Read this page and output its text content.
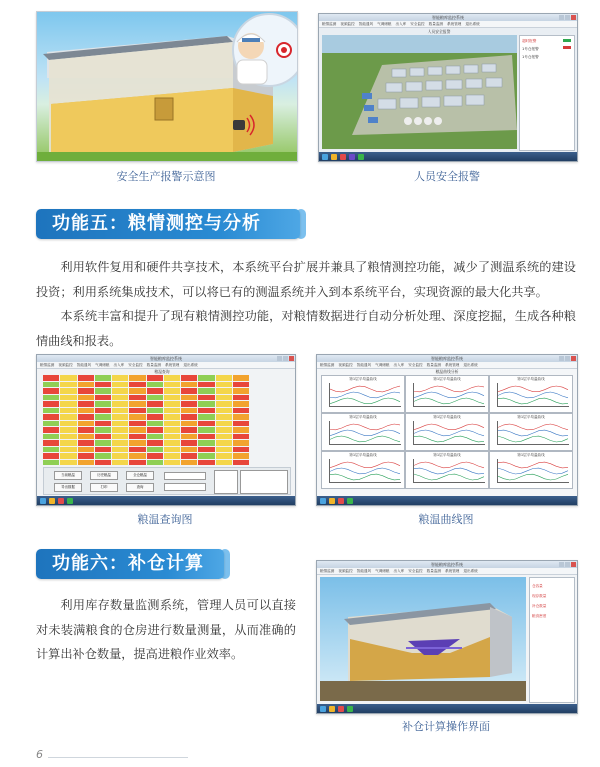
安全生产报警示意图
智能粮库监控系统
粮情监测 视频监控 智能通风 气调储粮 出入库 安全监控 数量监测 系统管理 退出系统
人员安全报警
超时报警
1号仓报警
1号仓报警
人员安全报警
功能五：粮情测控与分析
利用软件复用和硬件共享技术，本系统平台扩展并兼具了粮情测控功能，减少了测温系统的建设投资；利用系统集成技术，可以将已有的测温系统并入到本系统平台，实现资源的最大化共享。
本系统丰富和提升了现有粮情测控功能，对粮情数据进行自动分析处理、深度挖掘，生成各种粮情曲线和报表。
智能粮库监控系统
粮情监测 视频监控 智能通风 气调储粮 出入库 安全监控 数量监测 系统管理 退出系统
粮温查询
当前粮温	历史粮温	全仓粮温
导出数据	打印	查询
粮温查询图
智能粮库监控系统
粮情监测 视频监控 智能通风 气调储粮 出入库 安全监控 数量监测 系统管理 退出系统
粮温曲线分析
第1层平均温曲线	第1层平均温曲线	第1层平均温曲线
第1层平均温曲线	第1层平均温曲线	第1层平均温曲线
第1层平均温曲线	第1层平均温曲线	第1层平均温曲线
粮温曲线图
功能六：补仓计算
利用库存数量监测系统，管理人员可以直接对未装满粮食的仓房进行数量测量，从而准确的计算出补仓数量，提高进粮作业效率。
智能粮库监控系统
粮情监测 视频监控 智能通风 气调储粮 出入库 安全监控 数量监测 系统管理 退出系统
仓容量
现存数量
补仓数量
粮食密度
补仓计算操作界面
6
